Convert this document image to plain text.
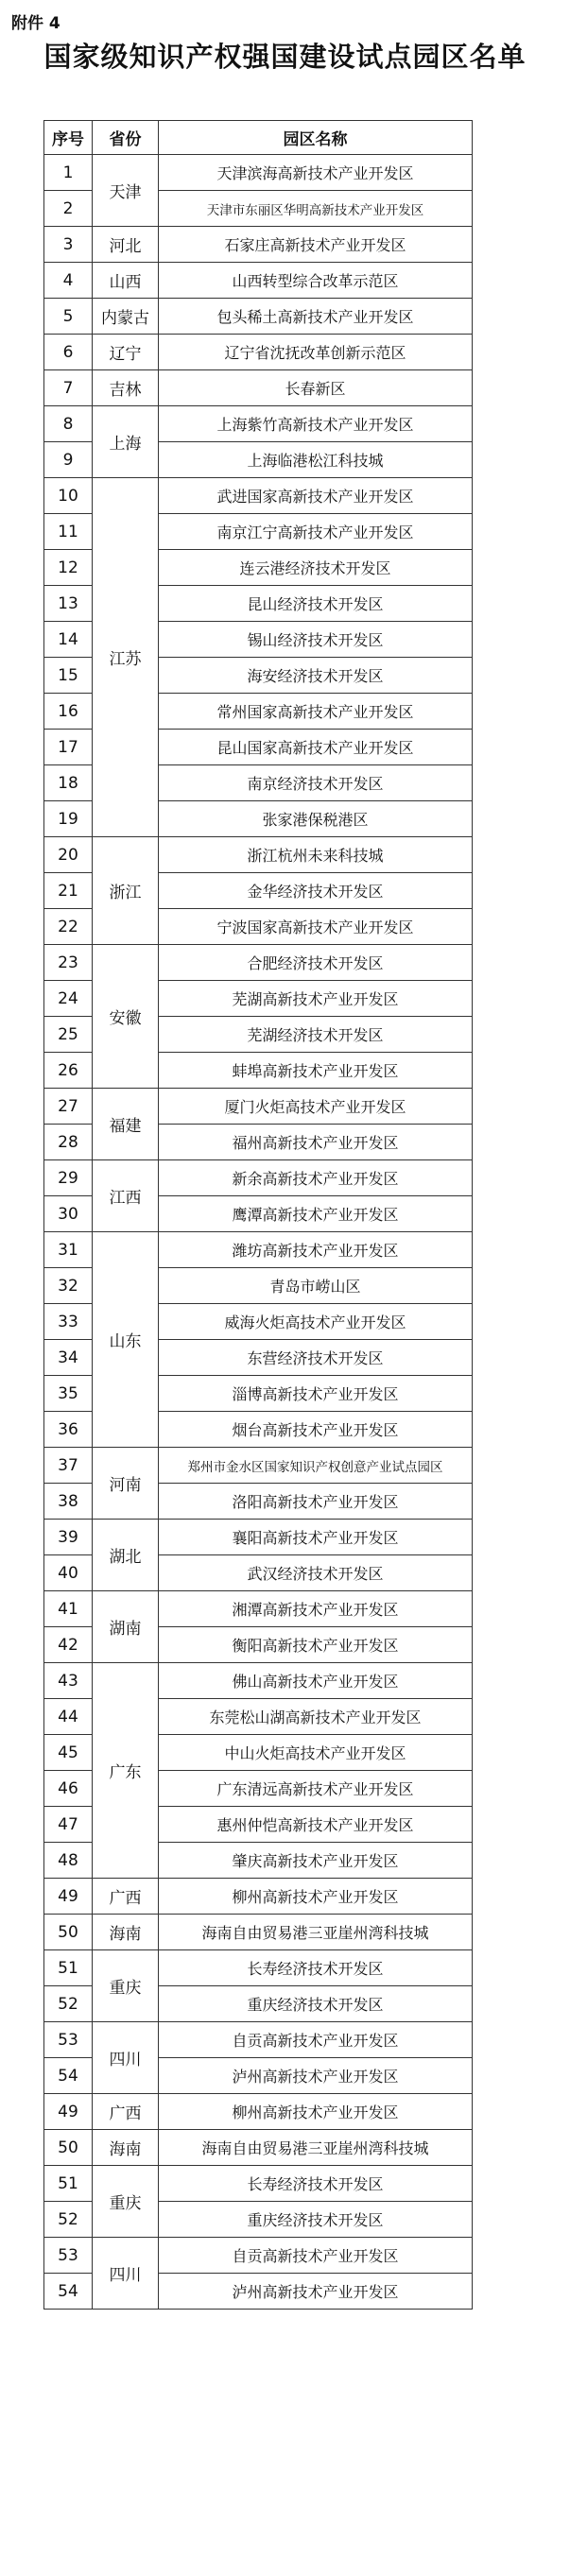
附件 4
国家级知识产权强国建设试点园区名单
序号	省份	园区名称
1	天津	天津滨海高新技术产业开发区
2		天津市东丽区华明高新技术产业开发区
3	河北	石家庄高新技术产业开发区
4	山西	山西转型综合改革示范区
5	内蒙古	包头稀土高新技术产业开发区
6	辽宁	辽宁省沈抚改革创新示范区
7	吉林	长春新区
8	上海	上海紫竹高新技术产业开发区
9		上海临港松江科技城
10	江苏	武进国家高新技术产业开发区
11		南京江宁高新技术产业开发区
12		连云港经济技术开发区
13		昆山经济技术开发区
14		锡山经济技术开发区
15		海安经济技术开发区
16		常州国家高新技术产业开发区
17		昆山国家高新技术产业开发区
18		南京经济技术开发区
19		张家港保税港区
20	浙江	浙江杭州未来科技城
21		金华经济技术开发区
22		宁波国家高新技术产业开发区
23	安徽	合肥经济技术开发区
24		芜湖高新技术产业开发区
25		芜湖经济技术开发区
26		蚌埠高新技术产业开发区
27	福建	厦门火炬高技术产业开发区
28		福州高新技术产业开发区
29	江西	新余高新技术产业开发区
30		鹰潭高新技术产业开发区
31	山东	潍坊高新技术产业开发区
32		青岛市崂山区
33		威海火炬高技术产业开发区
34		东营经济技术开发区
35		淄博高新技术产业开发区
36		烟台高新技术产业开发区
37	河南	郑州市金水区国家知识产权创意产业试点园区
38		洛阳高新技术产业开发区
39	湖北	襄阳高新技术产业开发区
40		武汉经济技术开发区
41	湖南	湘潭高新技术产业开发区
42		衡阳高新技术产业开发区
43	广东	佛山高新技术产业开发区
44		东莞松山湖高新技术产业开发区
45		中山火炬高技术产业开发区
46		广东清远高新技术产业开发区
47		惠州仲恺高新技术产业开发区
48		肇庆高新技术产业开发区
49	广西	柳州高新技术产业开发区
50	海南	海南自由贸易港三亚崖州湾科技城
51	重庆	长寿经济技术开发区
52		重庆经济技术开发区
53	四川	自贡高新技术产业开发区
54		泸州高新技术产业开发区
49	广西	柳州高新技术产业开发区
50	海南	海南自由贸易港三亚崖州湾科技城
51	重庆	长寿经济技术开发区
52		重庆经济技术开发区
53	四川	自贡高新技术产业开发区
54		泸州高新技术产业开发区
